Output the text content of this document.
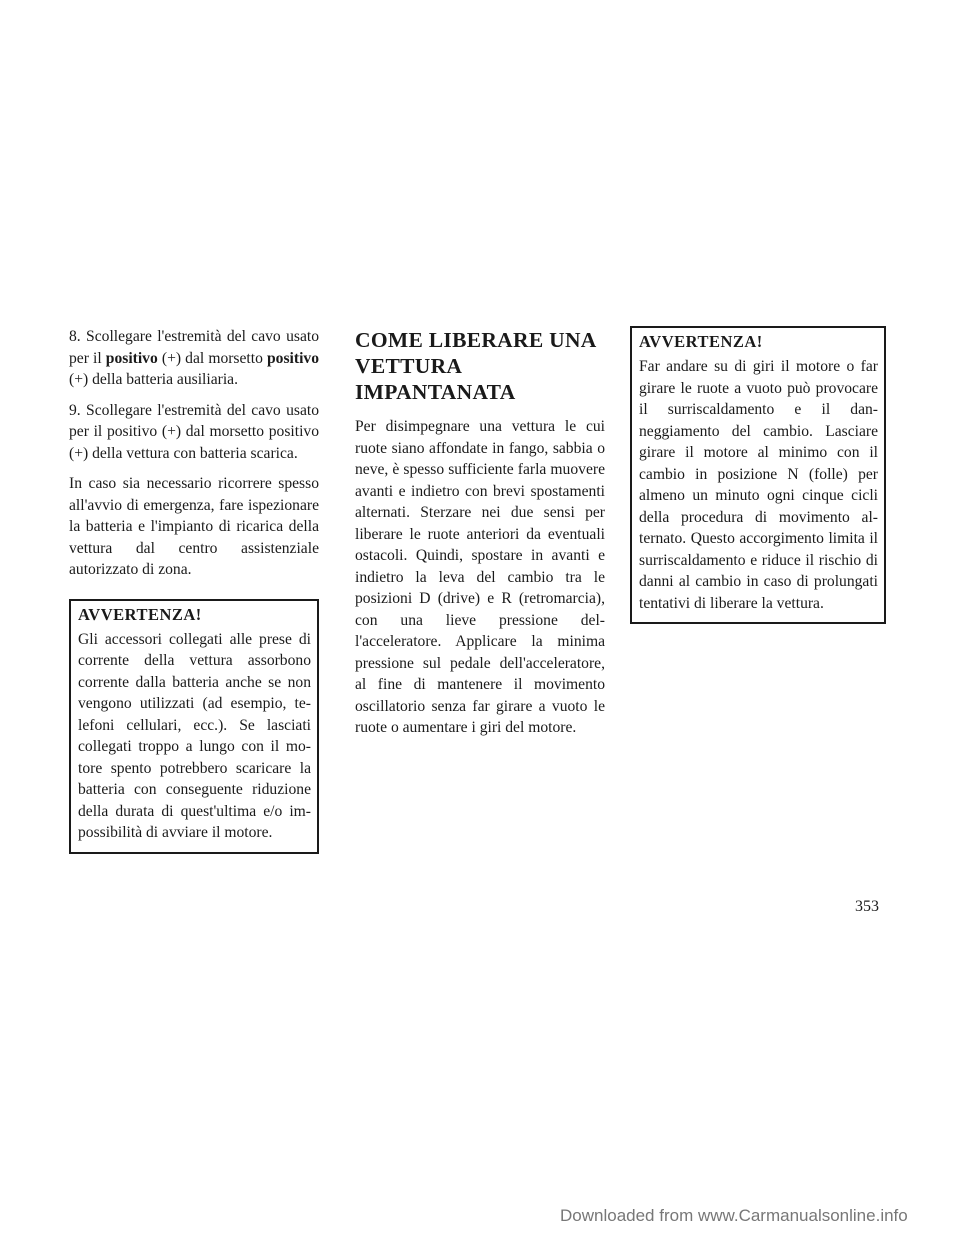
8. Scollegare l'estremità del cavo usato per il positivo (+) dal morsetto positivo (+) della batteria ausiliaria.

9. Scollegare l'estremità del cavo usato per il positivo (+) dal morsetto positivo (+) della vettura con batteria scarica.

In caso sia necessario ricorrere spesso all'avvio di emergenza, fare ispezionare la batteria e l'impianto di ricarica della vettura dal centro assistenziale autorizzato di zona.

AVVERTENZA!

Gli accessori collegati alle prese di corrente della vettura assorbono corrente dalla batteria anche se non vengono utilizzati (ad esempio, telefoni cellulari, ecc.). Se lasciati collegati troppo a lungo con il motore spento potrebbero scaricare la batteria con conseguente riduzione della durata di quest'ultima e/o impossibilità di avviare il motore.

COME LIBERARE UNA
VETTURA IMPANTANATA

Per disimpegnare una vettura le cui ruote siano affondate in fango, sabbia o neve, è spesso sufficiente farla muovere avanti e indietro con brevi spostamenti alternati. Sterzare nei due sensi per liberare le ruote anteriori da eventuali ostacoli. Quindi, spostare in avanti e indietro la leva del cambio tra le posizioni D (drive) e R (retromarcia), con una lieve pressione dell'acceleratore. Applicare la minima pressione sul pedale dell'acceleratore, al fine di mantenere il movimento oscillatorio senza far girare a vuoto le ruote o aumentare i giri del motore.

AVVERTENZA!

Far andare su di giri il motore o far girare le ruote a vuoto può provocare il surriscaldamento e il danneggiamento del cambio. Lasciare girare il motore al minimo con il cambio in posizione N (folle) per almeno un minuto ogni cinque cicli della procedura di movimento alternato. Questo accorgimento limita il surriscaldamento e riduce il rischio di danni al cambio in caso di prolungati tentativi di liberare la vettura.

353
Downloaded from www.Carmanualsonline.info
